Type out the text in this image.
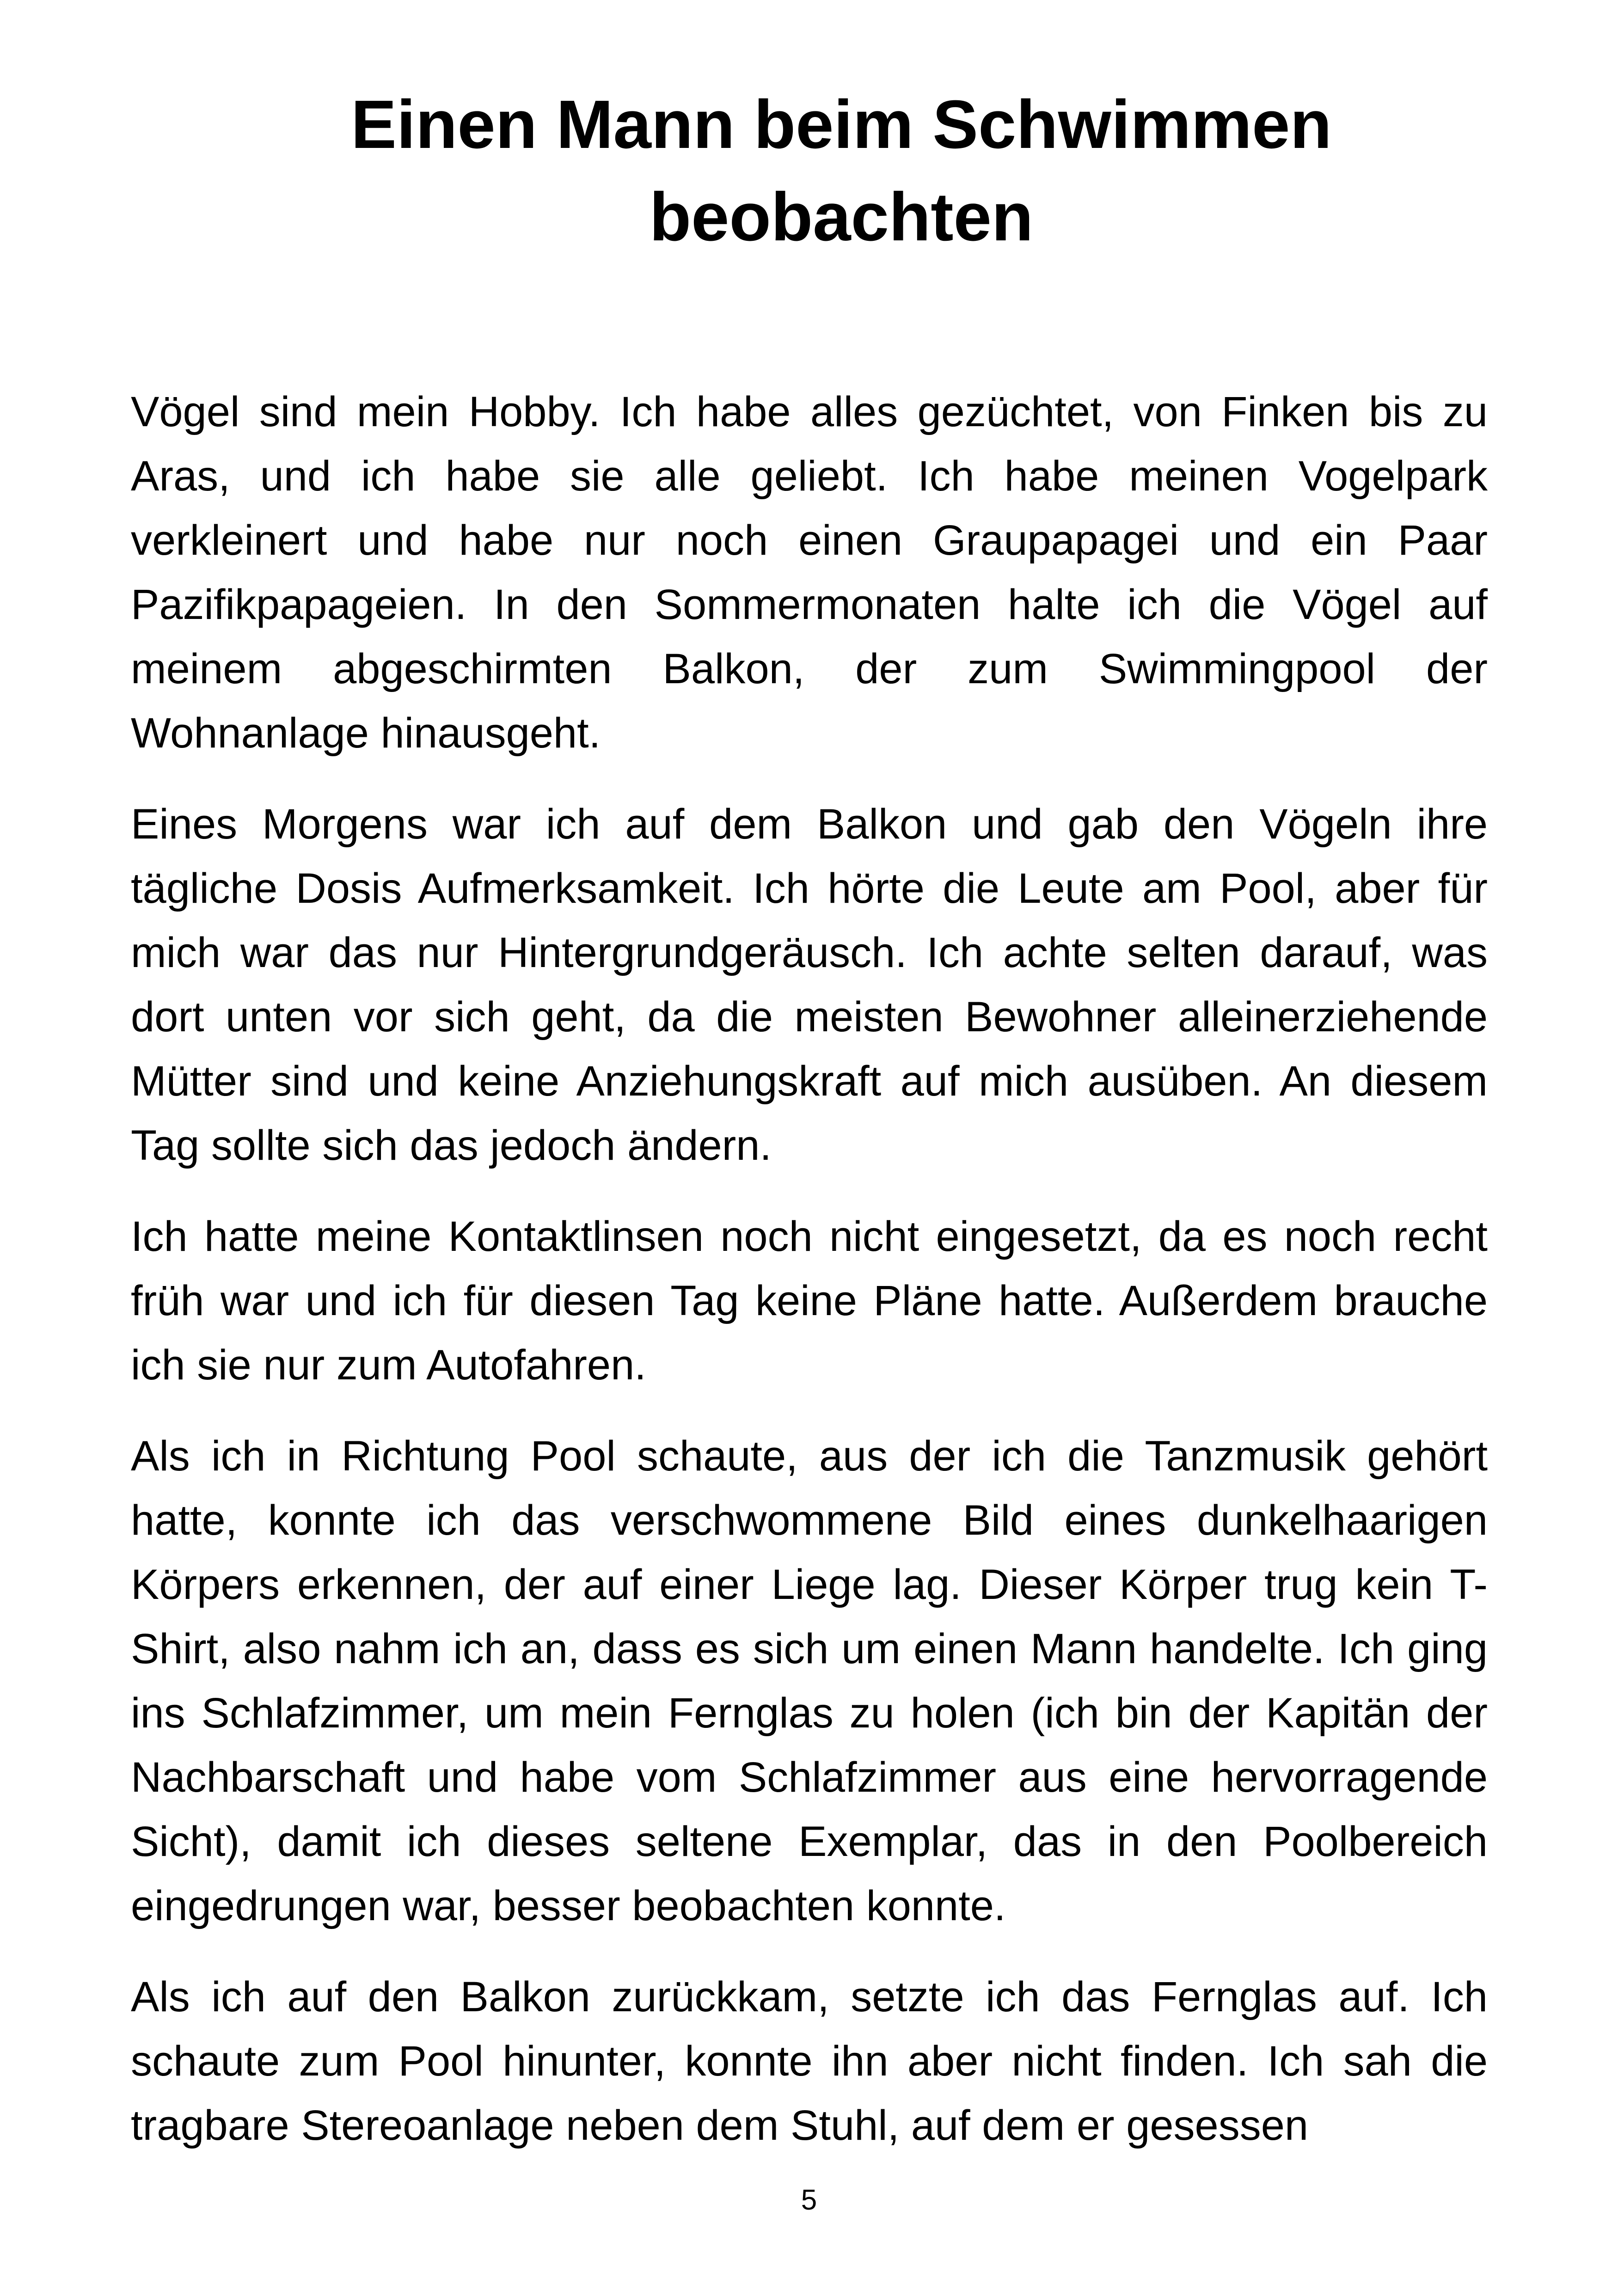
Einen Mann beim Schwimmen beobachten

Vögel sind mein Hobby. Ich habe alles gezüchtet, von Finken bis zu Aras, und ich habe sie alle geliebt. Ich habe meinen Vogelpark verkleinert und habe nur noch einen Graupapagei und ein Paar Pazifikpapageien. In den Sommermonaten halte ich die Vögel auf meinem abgeschirmten Balkon, der zum Swimmingpool der Wohnanlage hinausgeht.

Eines Morgens war ich auf dem Balkon und gab den Vögeln ihre tägliche Dosis Aufmerksamkeit. Ich hörte die Leute am Pool, aber für mich war das nur Hintergrundgeräusch. Ich achte selten darauf, was dort unten vor sich geht, da die meisten Bewohner alleinerziehende Mütter sind und keine Anziehungskraft auf mich ausüben. An diesem Tag sollte sich das jedoch ändern.

Ich hatte meine Kontaktlinsen noch nicht eingesetzt, da es noch recht früh war und ich für diesen Tag keine Pläne hatte. Außerdem brauche ich sie nur zum Autofahren.

Als ich in Richtung Pool schaute, aus der ich die Tanzmusik gehört hatte, konnte ich das verschwommene Bild eines dunkelhaarigen Körpers erkennen, der auf einer Liege lag. Dieser Körper trug kein T-Shirt, also nahm ich an, dass es sich um einen Mann handelte. Ich ging ins Schlafzimmer, um mein Fernglas zu holen (ich bin der Kapitän der Nachbarschaft und habe vom Schlafzimmer aus eine hervorragende Sicht), damit ich dieses seltene Exemplar, das in den Poolbereich eingedrungen war, besser beobachten konnte.

Als ich auf den Balkon zurückkam, setzte ich das Fernglas auf. Ich schaute zum Pool hinunter, konnte ihn aber nicht finden. Ich sah die tragbare Stereoanlage neben dem Stuhl, auf dem er gesessen

5
